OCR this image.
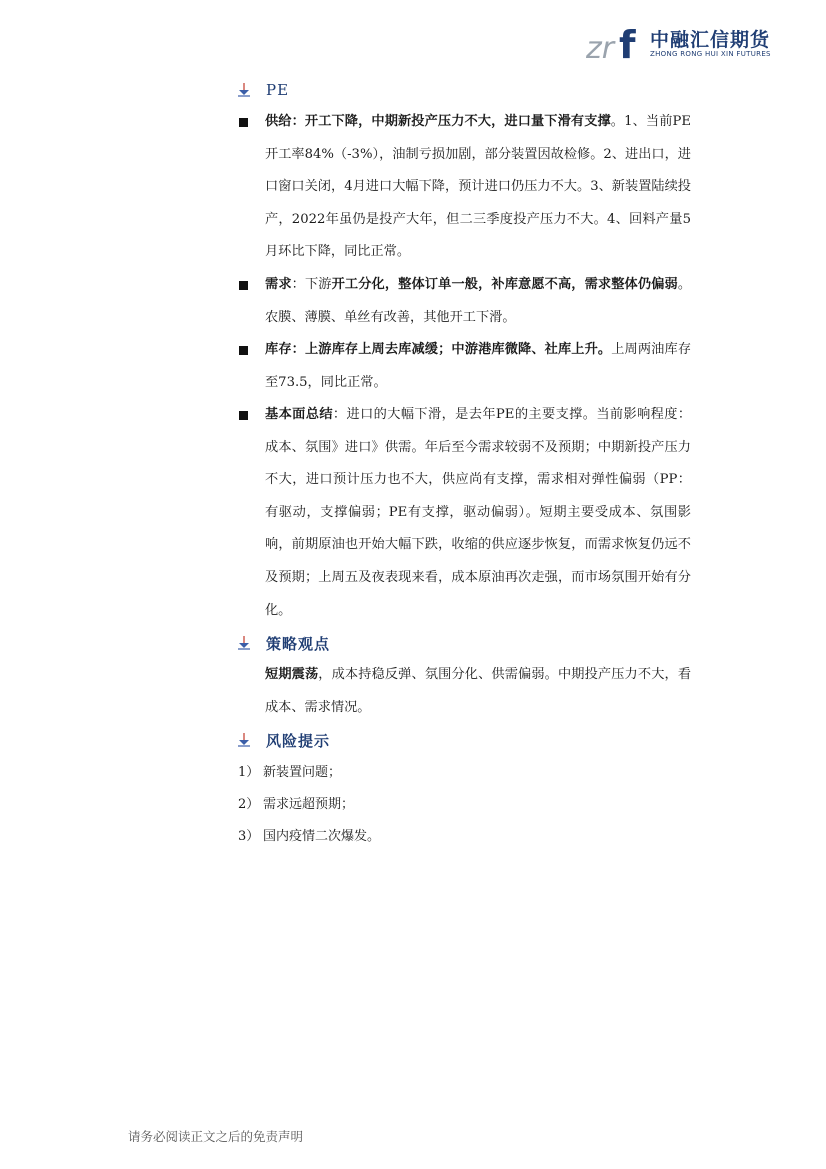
zr f 中融汇信期货
ZHONG RONG HUI XIN FUTURES
PE
供给：开工下降，中期新投产压力不大，进口量下滑有支撑。1、当前PE开工率84%（-3%），油制亏损加剧，部分装置因故检修。2、进出口，进口窗口关闭，4月进口大幅下降，预计进口仍压力不大。3、新装置陆续投产，2022年虽仍是投产大年，但二三季度投产压力不大。4、回料产量5月环比下降，同比正常。
需求：下游开工分化，整体订单一般，补库意愿不高，需求整体仍偏弱。农膜、薄膜、单丝有改善，其他开工下滑。
库存：上游库存上周去库减缓；中游港库微降、社库上升。上周两油库存至73.5，同比正常。
基本面总结：进口的大幅下滑，是去年PE的主要支撑。当前影响程度：成本、氛围》进口》供需。年后至今需求较弱不及预期；中期新投产压力不大，进口预计压力也不大，供应尚有支撑，需求相对弹性偏弱（PP：有驱动，支撑偏弱；PE有支撑，驱动偏弱）。短期主要受成本、氛围影响，前期原油也开始大幅下跌，收缩的供应逐步恢复，而需求恢复仍远不及预期；上周五及夜表现来看，成本原油再次走强，而市场氛围开始有分化。
策略观点
短期震荡，成本持稳反弹、氛围分化、供需偏弱。中期投产压力不大，看成本、需求情况。
风险提示
1） 新装置问题；
2） 需求远超预期；
3） 国内疫情二次爆发。
请务必阅读正文之后的免责声明
